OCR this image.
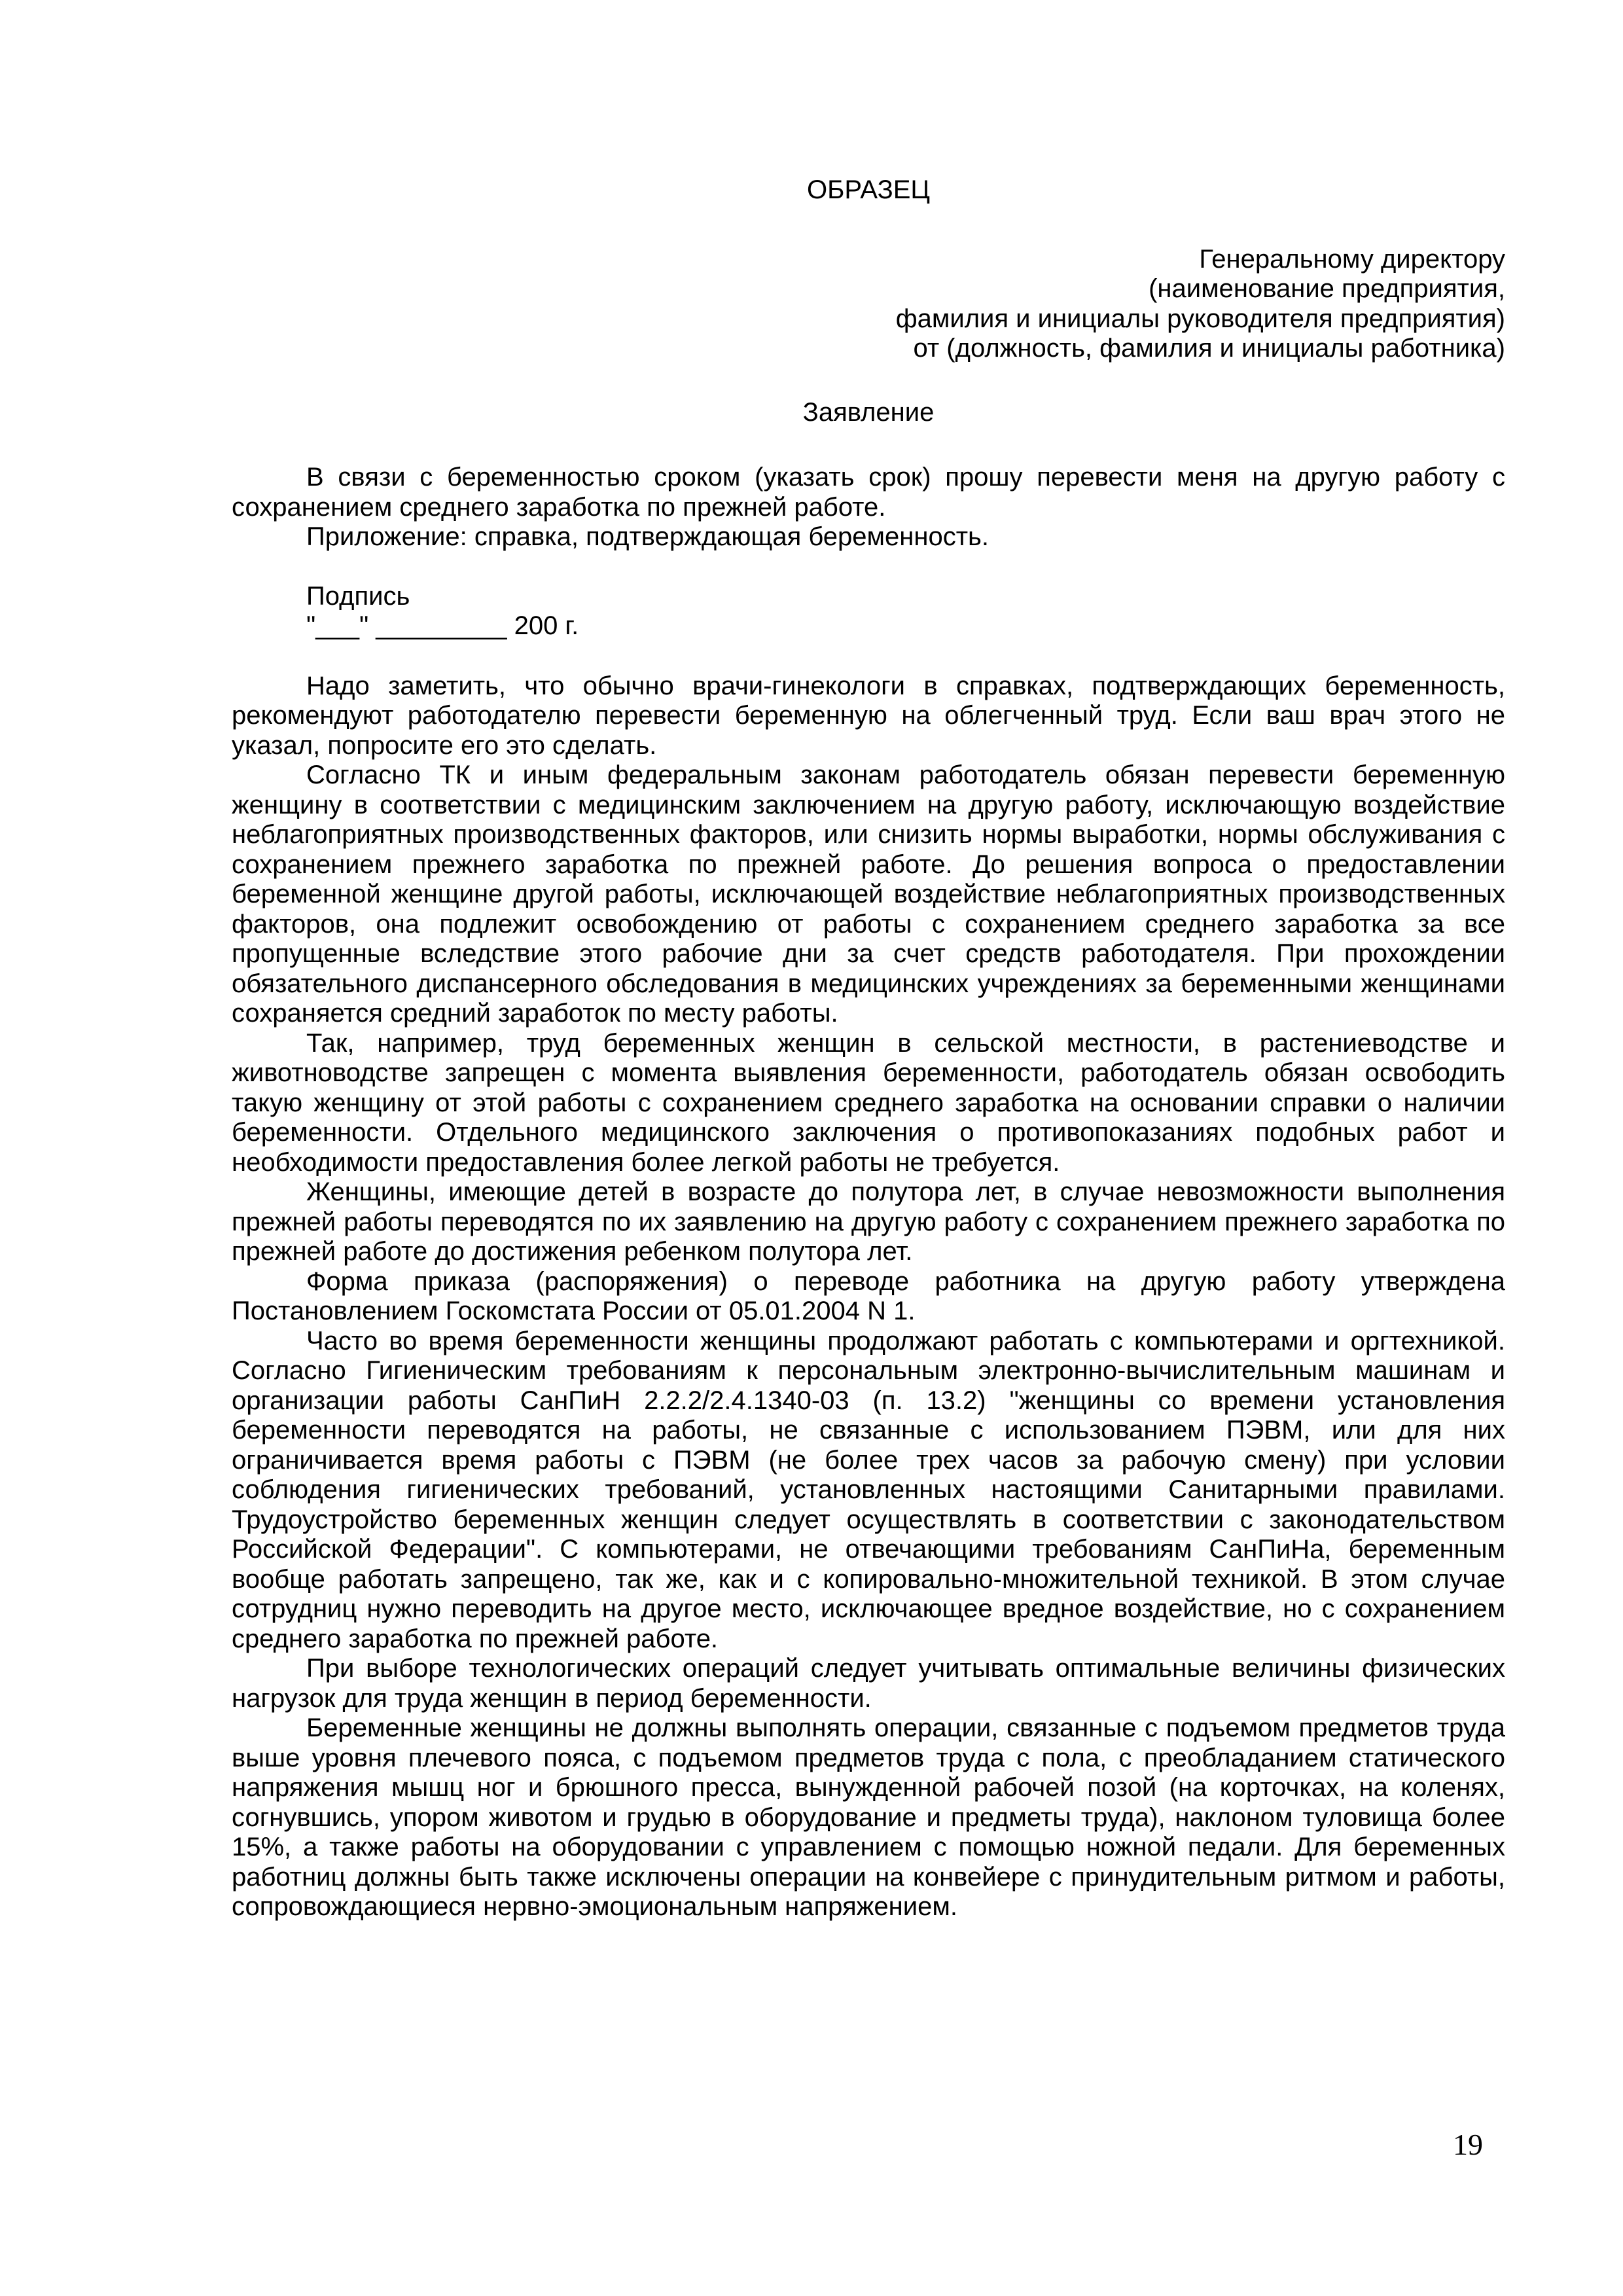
ОБРАЗЕЦ
Генеральному директору
(наименование предприятия,
фамилия и инициалы руководителя предприятия)
от (должность, фамилия и инициалы работника)
Заявление

В связи с беременностью сроком (указать срок) прошу перевести меня на другую работу с сохранением среднего заработка по прежней работе.

Приложение: справка, подтверждающая беременность.

Подпись
"___" _________ 200 г.

Надо заметить, что обычно врачи-гинекологи в справках, подтверждающих беременность, рекомендуют работодателю перевести беременную на облегченный труд. Если ваш врач этого не указал, попросите его это сделать.

Согласно ТК и иным федеральным законам работодатель обязан перевести беременную женщину в соответствии с медицинским заключением на другую работу, исключающую воздействие неблагоприятных производственных факторов, или снизить нормы выработки, нормы обслуживания с сохранением прежнего заработка по прежней работе. До решения вопроса о предоставлении беременной женщине другой работы, исключающей воздействие неблагоприятных производственных факторов, она подлежит освобождению от работы с сохранением среднего заработка за все пропущенные вследствие этого рабочие дни за счет средств работодателя. При прохождении обязательного диспансерного обследования в медицинских учреждениях за беременными женщинами сохраняется средний заработок по месту работы.

Так, например, труд беременных женщин в сельской местности, в растениеводстве и животноводстве запрещен с момента выявления беременности, работодатель обязан освободить такую женщину от этой работы с сохранением среднего заработка на основании справки о наличии беременности. Отдельного медицинского заключения о противопоказаниях подобных работ и необходимости предоставления более легкой работы не требуется.

Женщины, имеющие детей в возрасте до полутора лет, в случае невозможности выполнения прежней работы переводятся по их заявлению на другую работу с сохранением прежнего заработка по прежней работе до достижения ребенком полутора лет.

Форма приказа (распоряжения) о переводе работника на другую работу утверждена Постановлением Госкомстата России от 05.01.2004 N 1.

Часто во время беременности женщины продолжают работать с компьютерами и оргтехникой. Согласно Гигиеническим требованиям к персональным электронно-вычислительным машинам и организации работы СанПиН 2.2.2/2.4.1340-03 (п. 13.2) "женщины со времени установления беременности переводятся на работы, не связанные с использованием ПЭВМ, или для них ограничивается время работы с ПЭВМ (не более трех часов за рабочую смену) при условии соблюдения гигиенических требований, установленных настоящими Санитарными правилами. Трудоустройство беременных женщин следует осуществлять в соответствии с законодательством Российской Федерации". С компьютерами, не отвечающими требованиям СанПиНа, беременным вообще работать запрещено, так же, как и с копировально-множительной техникой. В этом случае сотрудниц нужно переводить на другое место, исключающее вредное воздействие, но с сохранением среднего заработка по прежней работе.

При выборе технологических операций следует учитывать оптимальные величины физических нагрузок для труда женщин в период беременности.

Беременные женщины не должны выполнять операции, связанные с подъемом предметов труда выше уровня плечевого пояса, с подъемом предметов труда с пола, с преобладанием статического напряжения мышц ног и брюшного пресса, вынужденной рабочей позой (на корточках, на коленях, согнувшись, упором животом и грудью в оборудование и предметы труда), наклоном туловища более 15%, а также работы на оборудовании с управлением с помощью ножной педали. Для беременных работниц должны быть также исключены операции на конвейере с принудительным ритмом и работы, сопровождающиеся нервно-эмоциональным напряжением.

19
